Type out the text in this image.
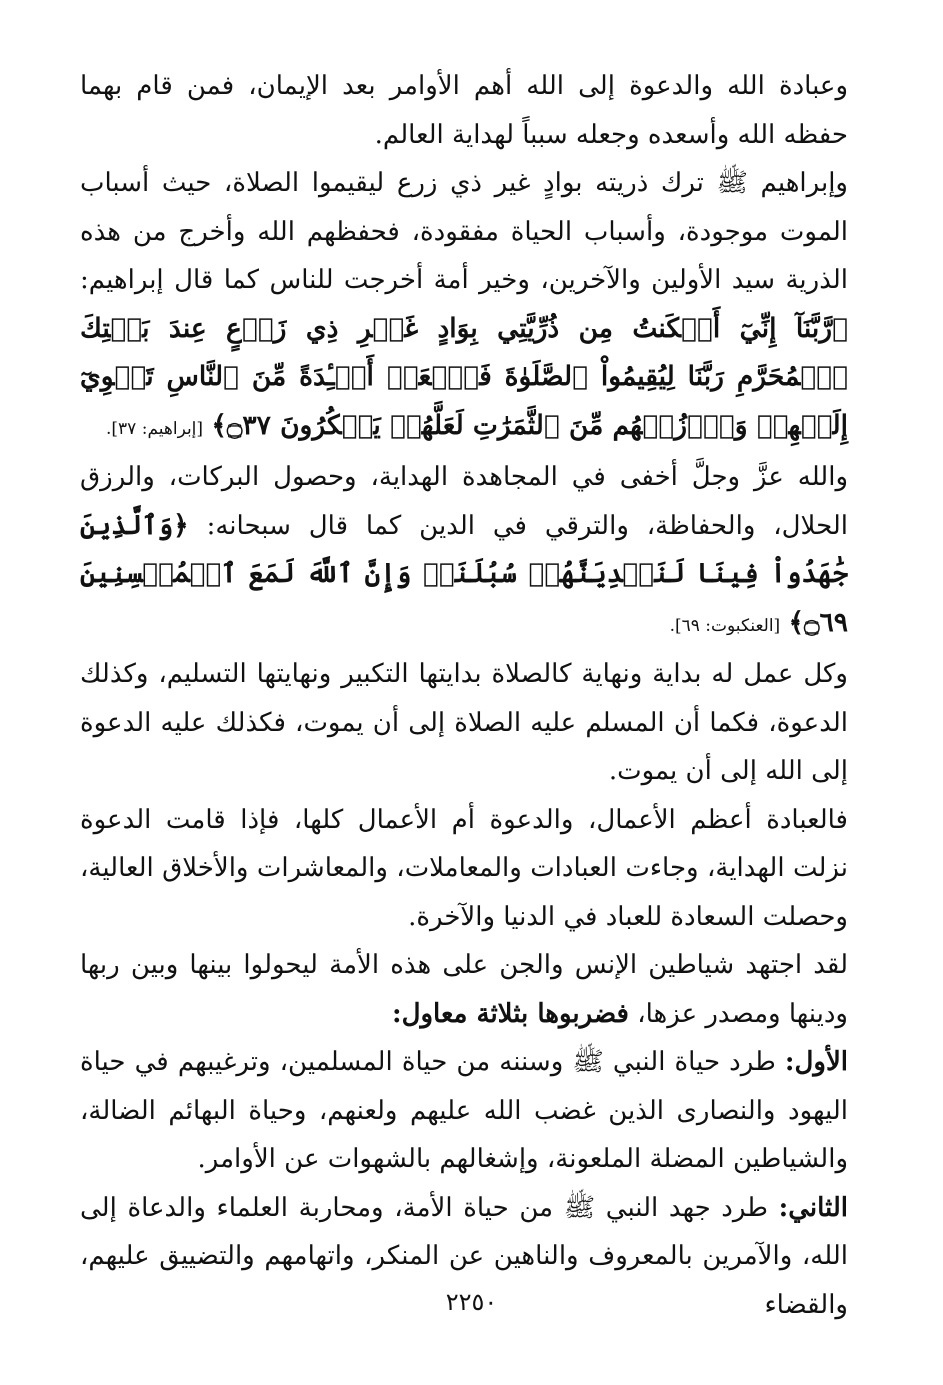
وعبادة الله والدعوة إلى الله أهم الأوامر بعد الإيمان، فمن قام بهما حفظه الله وأسعده وجعله سبباً لهداية العالم.

وإبراهيم ﷺ ترك ذريته بوادٍ غير ذي زرع ليقيموا الصلاة، حيث أسباب الموت موجودة، وأسباب الحياة مفقودة، فحفظهم الله وأخرج من هذه الذرية سيد الأولين والآخرين، وخير أمة أخرجت للناس كما قال إبراهيم: ﴿رَّبَّنَآ إِنِّيٓ أَسۡكَنتُ مِن ذُرِّيَّتِي بِوَادٍ غَيۡرِ ذِي زَرۡعٍ عِندَ بَيۡتِكَ ٱلۡمُحَرَّمِ رَبَّنَا لِيُقِيمُواْ ٱلصَّلَوٰةَ فَٱجۡعَلۡ أَفۡـِٔدَةً مِّنَ ٱلنَّاسِ تَهۡوِيٓ إِلَيۡهِمۡ وَٱرۡزُقۡهُم مِّنَ ٱلثَّمَرَٰتِ لَعَلَّهُمۡ يَشۡكُرُونَ ۝٣٧﴾ [إبراهيم: ٣٧].

والله عزَّ وجلَّ أخفى في المجاهدة الهداية، وحصول البركات، والرزق الحلال، والحفاظة، والترقي في الدين كما قال سبحانه: ﴿وَٱلَّذِينَ جَٰهَدُواْ فِينَا لَنَهۡدِيَنَّهُمۡ سُبُلَنَاۚ وَإِنَّ ٱللَّهَ لَمَعَ ٱلۡمُحۡسِنِينَ ۝٦٩﴾ [العنكبوت: ٦٩].

وكل عمل له بداية ونهاية كالصلاة بدايتها التكبير ونهايتها التسليم، وكذلك الدعوة، فكما أن المسلم عليه الصلاة إلى أن يموت، فكذلك عليه الدعوة إلى الله إلى أن يموت.

فالعبادة أعظم الأعمال، والدعوة أم الأعمال كلها، فإذا قامت الدعوة نزلت الهداية، وجاءت العبادات والمعاملات، والمعاشرات والأخلاق العالية، وحصلت السعادة للعباد في الدنيا والآخرة.

لقد اجتهد شياطين الإنس والجن على هذه الأمة ليحولوا بينها وبين ربها ودينها ومصدر عزها، فضربوها بثلاثة معاول:

الأول: طرد حياة النبي ﷺ وسننه من حياة المسلمين، وترغيبهم في حياة اليهود والنصارى الذين غضب الله عليهم ولعنهم، وحياة البهائم الضالة، والشياطين المضلة الملعونة، وإشغالهم بالشهوات عن الأوامر.

الثاني: طرد جهد النبي ﷺ من حياة الأمة، ومحاربة العلماء والدعاة إلى الله، والآمرين بالمعروف والناهين عن المنكر، واتهامهم والتضييق عليهم، والقضاء

٢٢٥٠
